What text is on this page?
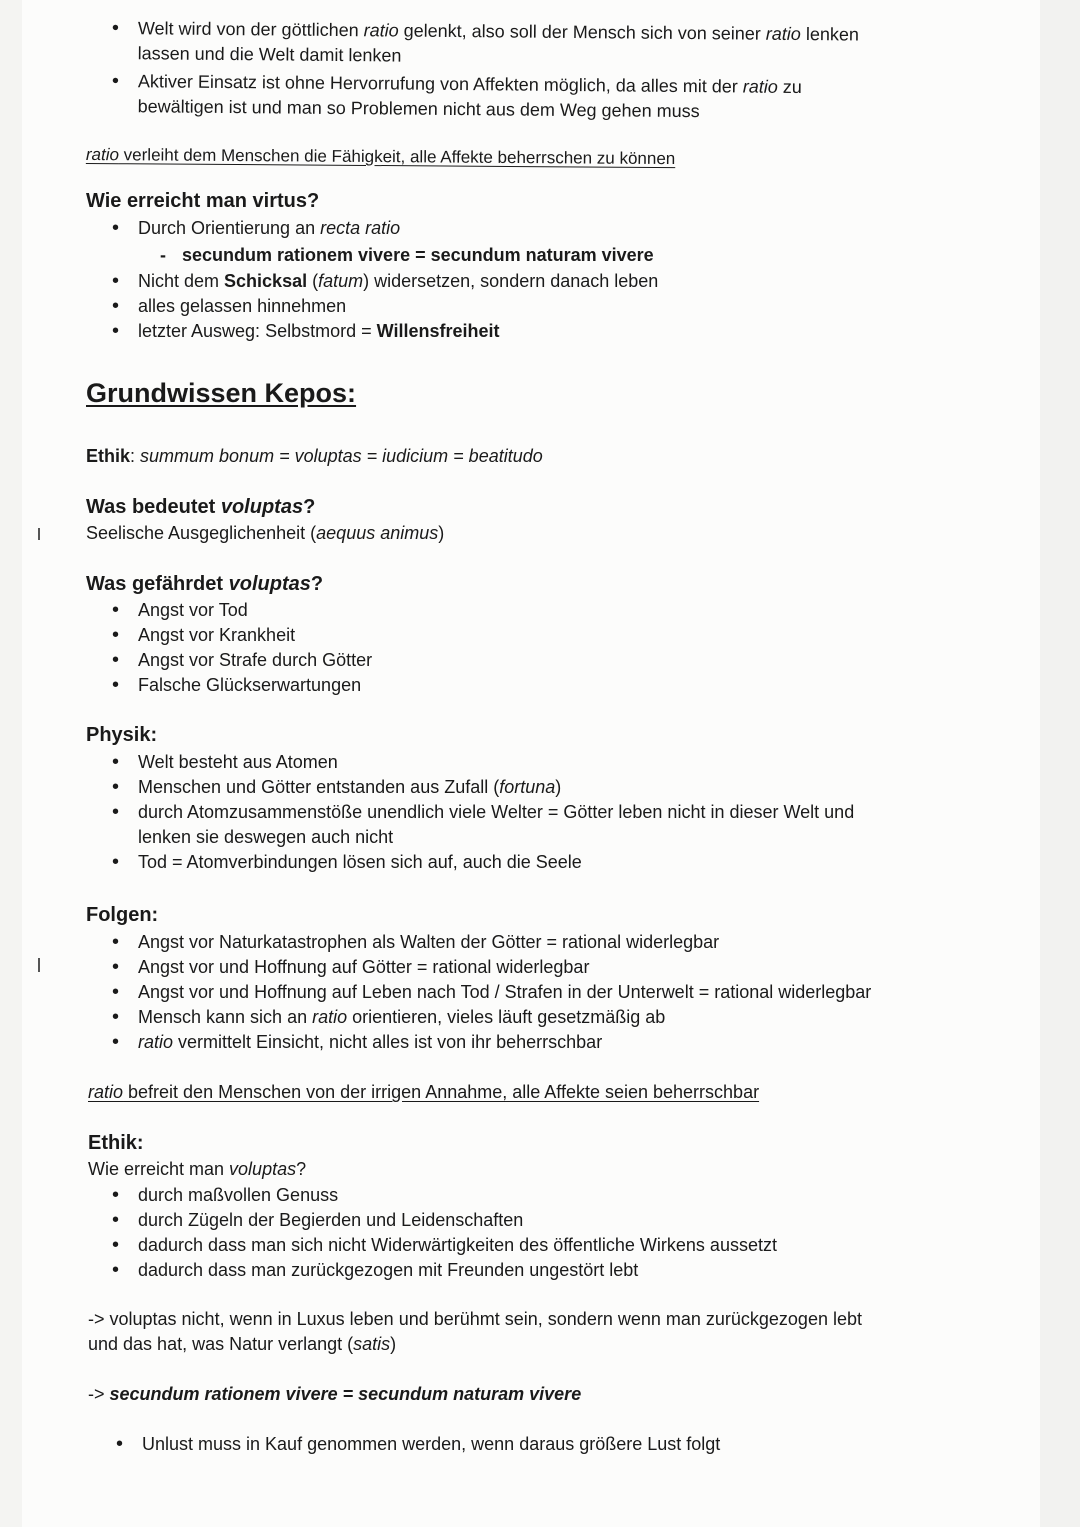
• Welt wird von der göttlichen ratio gelenkt, also soll der Mensch sich von seiner ratio lenken lassen und die Welt damit lenken
• Aktiver Einsatz ist ohne Hervorrufung von Affekten möglich, da alles mit der ratio zu bewältigen ist und man so Problemen nicht aus dem Weg gehen muss
ratio verleiht dem Menschen die Fähigkeit, alle Affekte beherrschen zu können
Wie erreicht man virtus?
• Durch Orientierung an recta ratio
- secundum rationem vivere = secundum naturam vivere
• Nicht dem Schicksal (fatum) widersetzen, sondern danach leben
• alles gelassen hinnehmen
• letzter Ausweg: Selbstmord = Willensfreiheit
Grundwissen Kepos:
Ethik: summum bonum = voluptas = iudicium = beatitudo
Was bedeutet voluptas?
Seelische Ausgeglichenheit (aequus animus)
Was gefährdet voluptas?
• Angst vor Tod
• Angst vor Krankheit
• Angst vor Strafe durch Götter
• Falsche Glückserwartungen
Physik:
• Welt besteht aus Atomen
• Menschen und Götter entstanden aus Zufall (fortuna)
• durch Atomzusammenstöße unendlich viele Welter = Götter leben nicht in dieser Welt und lenken sie deswegen auch nicht
• Tod = Atomverbindungen lösen sich auf, auch die Seele
Folgen:
• Angst vor Naturkatastrophen als Walten der Götter = rational widerlegbar
• Angst vor und Hoffnung auf Götter = rational widerlegbar
• Angst vor und Hoffnung auf Leben nach Tod / Strafen in der Unterwelt = rational widerlegbar
• Mensch kann sich an ratio orientieren, vieles läuft gesetzmäßig ab
• ratio vermittelt Einsicht, nicht alles ist von ihr beherrschbar
ratio befreit den Menschen von der irrigen Annahme, alle Affekte seien beherrschbar
Ethik:
Wie erreicht man voluptas?
• durch maßvollen Genuss
• durch Zügeln der Begierden und Leidenschaften
• dadurch dass man sich nicht Widerwärtigkeiten des öffentliche Wirkens aussetzt
• dadurch dass man zurückgezogen mit Freunden ungestört lebt
-> voluptas nicht, wenn in Luxus leben und berühmt sein, sondern wenn man zurückgezogen lebt und das hat, was Natur verlangt (satis)
-> secundum rationem vivere = secundum naturam vivere
• Unlust muss in Kauf genommen werden, wenn daraus größere Lust folgt
